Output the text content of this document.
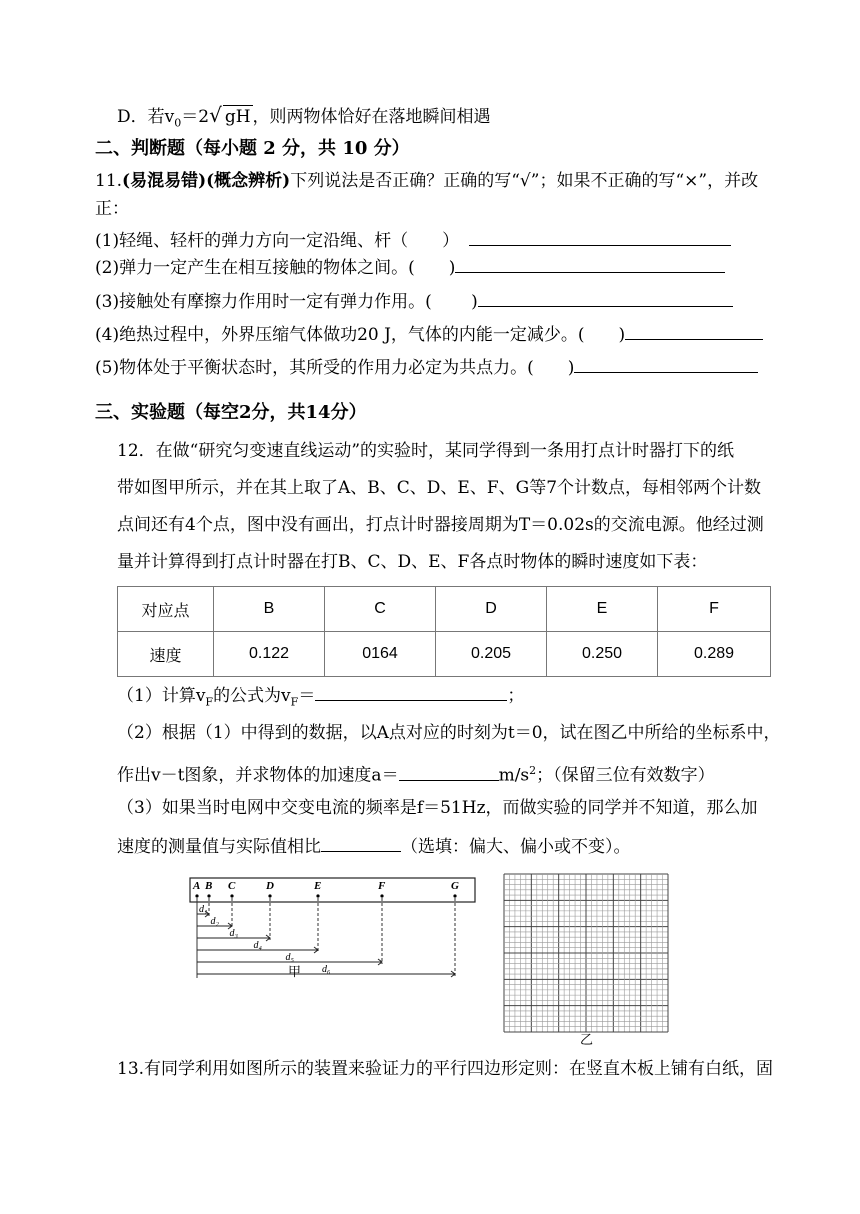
D．若$v_0=2√$ gH ，则两物体恰好在落地瞬间相遇
二、判断题（每小题 2 分，共 10 分）
11.(易混易错)(概念辨析)下列说法是否正确？正确的写“√”；如果不正确的写“×”，并改
正：
(1)轻绳、轻杆的弹力方向一定沿绳、杆（　　）
(2)弹力一定产生在相互接触的物体之间。(　　)
(3)接触处有摩擦力作用时一定有弹力作用。(　　 )
(4)绝热过程中，外界压缩气体做功20 J，气体的内能一定减少。(　　)
(5)物体处于平衡状态时，其所受的作用力必定为共点力。(　　)
三、实验题（每空2分，共14分）
12．在做“研究匀变速直线运动”的实验时，某同学得到一条用打点计时器打下的纸
带如图甲所示，并在其上取了A、B、C、D、E、F、G等7个计数点，每相邻两个计数
点间还有4个点，图中没有画出，打点计时器接周期为T＝0.02s的交流电源。他经过测
量并计算得到打点计时器在打B、C、D、E、F各点时物体的瞬时速度如下表：
对应点	B	C	D	E	F
速度	0.122	0164	0.205	0.250	0.289
（1）计算$v_F$的公式为$v_F=$	；
（2）根据（1）中得到的数据，以A点对应的时刻为t＝0，试在图乙中所给的坐标系中，
作出v－t图象，并求物体的加速度a＝	$m/s^2$；（保留三位有效数字）
（3）如果当时电网中交变电流的频率是f＝51Hz，而做实验的同学并不知道，那么加
速度的测量值与实际值相比	（选填：偏大、偏小或不变）。
A B C	D	E	F	G
d₁
d₂
d₃
d₄
d₅
d₆
甲
乙
13.有同学利用如图所示的装置来验证力的平行四边形定则：在竖直木板上铺有白纸，固
